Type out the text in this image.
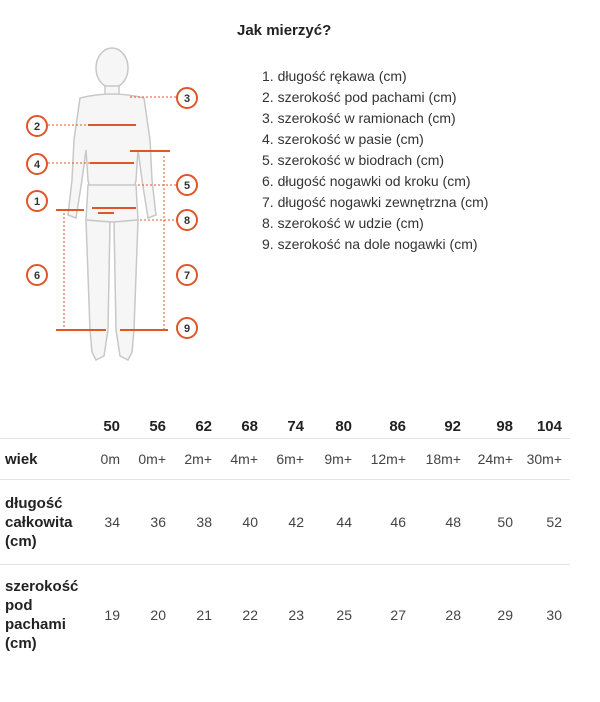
1
2
3
4
5
6	7
8
9
Jak mierzyć?
1. długość rękawa (cm)
2. szerokość pod pachami (cm)
3. szerokość w ramionach (cm)
4. szerokość w pasie (cm)
5. szerokość w biodrach (cm)
6. długość nogawki od kroku (cm)
7. długość nogawki zewnętrzna (cm)
8. szerokość w udzie (cm)
9. szerokość na dole nogawki (cm)
	50	56	62	68	74	80	86	92	98	104

wiek	0m	0m+	2m+	4m+	6m+	9m+	12m+	18m+	24m+	30m+

długość
całkowita
(cm)	34	36	38	40	42	44	46	48	50	52

szerokość
pod
pachami
(cm)	19	20	21	22	23	25	27	28	29	30
